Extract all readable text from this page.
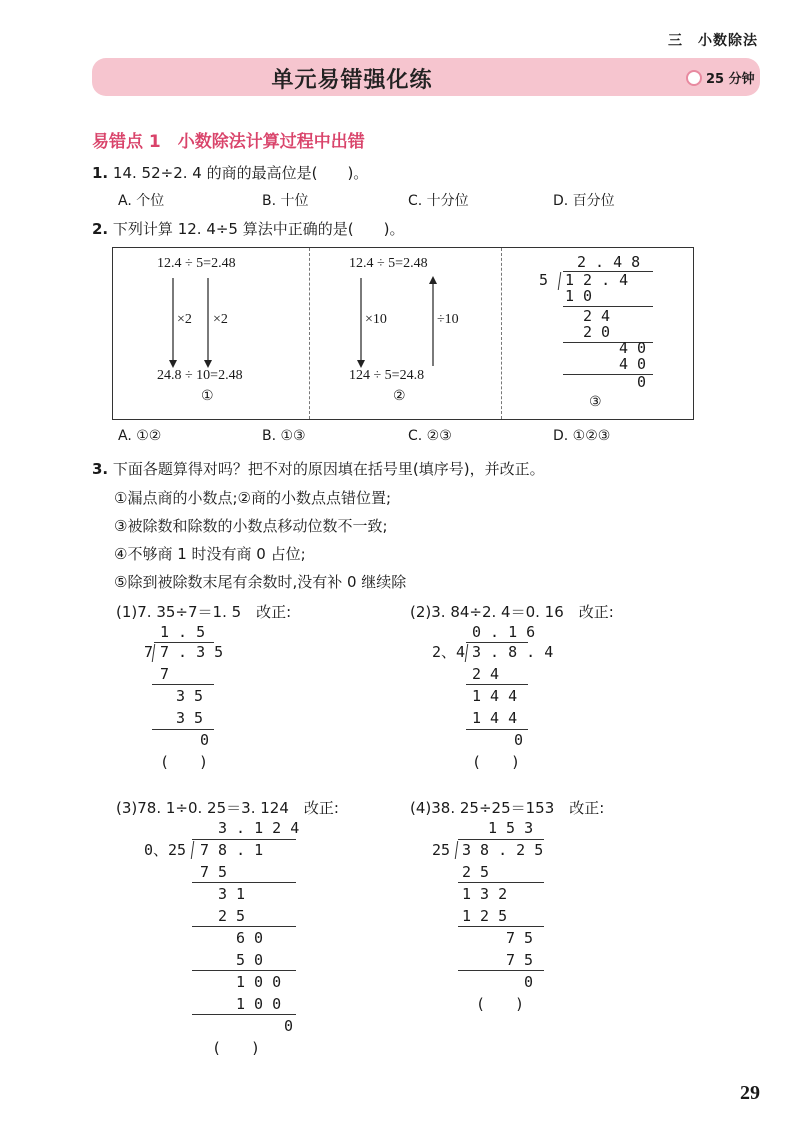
三　小数除法
单元易错强化练	25 分钟
易错点 1　小数除法计算过程中出错
1. 14. 52÷2. 4 的商的最高位是(　　)。
A. 个位	B. 十位	C. 十分位	D. 百分位
2. 下列计算 12. 4÷5 算法中正确的是(　　)。
12.4 ÷ 5=2.48
×2 ×2
24.8 ÷ 10=2.48
①
12.4 ÷ 5=2.48
×10	÷10
124 ÷ 5=24.8
②
2 . 4 8
5 1 2 . 4
1 0
2 4
2 0
4 0
4 0
0
③
A. ①②	B. ①③	C. ②③	D. ①②③
3. 下面各题算得对吗？把不对的原因填在括号里(填序号)，并改正。
①漏点商的小数点;②商的小数点点错位置;
③被除数和除数的小数点移动位数不一致;
④不够商 1 时没有商 0 占位;
⑤除到被除数末尾有余数时,没有补 0 继续除
(1)7. 35÷7＝1. 5　改正:
1 . 5
7 7 . 3 5
7
3 5
3 5
0
(　　)
(2)3. 84÷2. 4＝0. 16　改正:
0 . 1 6
2、4 3 . 8 . 4
2 4
1 4 4
1 4 4
0
(　　)
(3)78. 1÷0. 25＝3. 124　改正:
3 . 1 2 4
0、25 7 8 . 1
7 5
3 1
2 5
6 0
5 0
1 0 0
1 0 0
0
(　　)
(4)38. 25÷25＝153　改正:
1 5 3
25 3 8 . 2 5
2 5
1 3 2
1 2 5
7 5
7 5
0
(　　)
29
